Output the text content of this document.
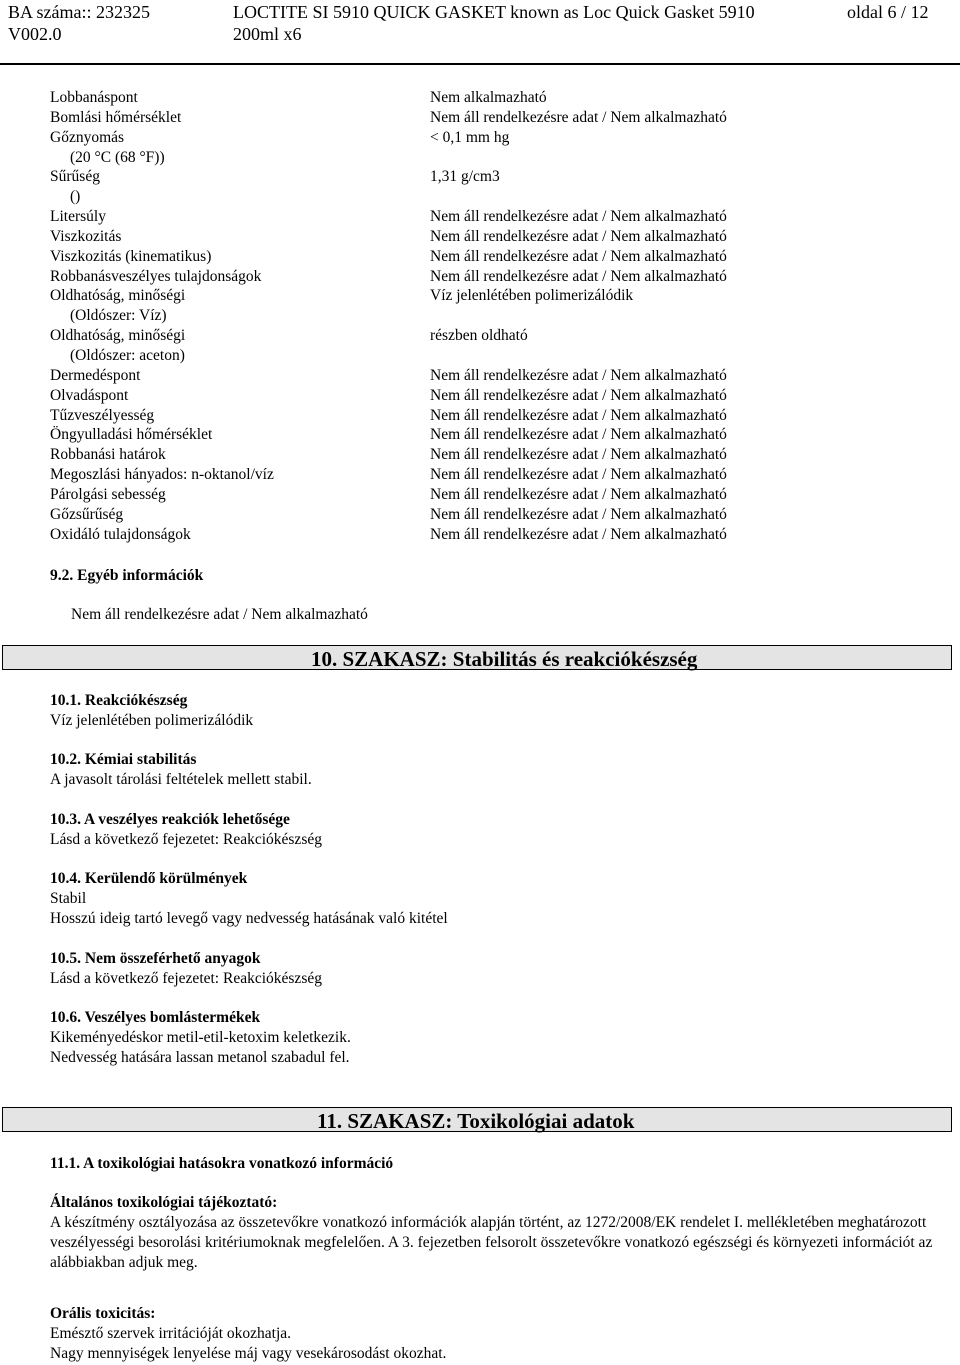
BA száma:: 232325
V002.0
LOCTITE SI 5910 QUICK GASKET known as Loc Quick Gasket 5910
200ml x6
oldal 6 / 12
Lobbanáspont	Nem alkalmazható
Bomlási hőmérséklet	Nem áll rendelkezésre adat / Nem alkalmazható
Gőznyomás	< 0,1 mm hg
(20 °C (68 °F))
Sűrűség	1,31 g/cm3
()
Litersúly	Nem áll rendelkezésre adat / Nem alkalmazható
Viszkozitás	Nem áll rendelkezésre adat / Nem alkalmazható
Viszkozitás (kinematikus)	Nem áll rendelkezésre adat / Nem alkalmazható
Robbanásveszélyes tulajdonságok	Nem áll rendelkezésre adat / Nem alkalmazható
Oldhatóság, minőségi	Víz jelenlétében polimerizálódik
(Oldószer: Víz)
Oldhatóság, minőségi	részben oldható
(Oldószer: aceton)
Dermedéspont	Nem áll rendelkezésre adat / Nem alkalmazható
Olvadáspont	Nem áll rendelkezésre adat / Nem alkalmazható
Tűzveszélyesség	Nem áll rendelkezésre adat / Nem alkalmazható
Öngyulladási hőmérséklet	Nem áll rendelkezésre adat / Nem alkalmazható
Robbanási határok	Nem áll rendelkezésre adat / Nem alkalmazható
Megoszlási hányados: n-oktanol/víz	Nem áll rendelkezésre adat / Nem alkalmazható
Párolgási sebesség	Nem áll rendelkezésre adat / Nem alkalmazható
Gőzsűrűség	Nem áll rendelkezésre adat / Nem alkalmazható
Oxidáló tulajdonságok	Nem áll rendelkezésre adat / Nem alkalmazható
9.2. Egyéb információk
Nem áll rendelkezésre adat / Nem alkalmazható
10. SZAKASZ: Stabilitás és reakciókészség
10.1. Reakciókészség
Víz jelenlétében polimerizálódik
10.2. Kémiai stabilitás
A javasolt tárolási feltételek mellett stabil.
10.3. A veszélyes reakciók lehetősége
Lásd a következő fejezetet: Reakciókészség
10.4. Kerülendő körülmények
Stabil
Hosszú ideig tartó levegő vagy nedvesség hatásának való kitétel
10.5. Nem összeférhető anyagok
Lásd a következő fejezetet: Reakciókészség
10.6. Veszélyes bomlástermékek
Kikeményedéskor metil-etil-ketoxim keletkezik.
Nedvesség hatására lassan metanol szabadul fel.
11. SZAKASZ: Toxikológiai adatok
11.1. A toxikológiai hatásokra vonatkozó információ
Általános toxikológiai tájékoztató:
A készítmény osztályozása az összetevőkre vonatkozó információk alapján történt, az 1272/2008/EK rendelet I. mellékletében meghatározott veszélyességi besorolási kritériumoknak megfelelően. A 3. fejezetben felsorolt összetevőkre vonatkozó egészségi és környezeti információt az alábbiakban adjuk meg.
Orális toxicitás:
Emésztő szervek irritációját okozhatja.
Nagy mennyiségek lenyelése máj vagy vesekárosodást okozhat.
